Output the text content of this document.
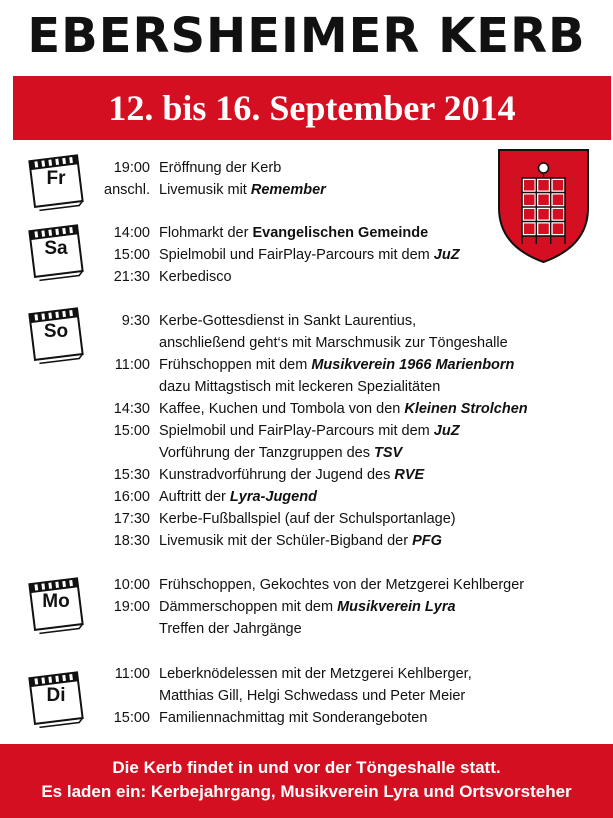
EBERSHEIMER KERB
12. bis 16. September 2014
Fr
Sa
So
Mo
Di
19:00 Eröffnung der Kerb
anschl. Livemusik mit Remember
14:00 Flohmarkt der Evangelischen Gemeinde
15:00 Spielmobil und FairPlay-Parcours mit dem JuZ
21:30 Kerbedisco
9:30 Kerbe-Gottesdienst in Sankt Laurentius,
anschließend geht‘s mit Marschmusik zur Töngeshalle
11:00 Frühschoppen mit dem Musikverein 1966 Marienborn
dazu Mittagstisch mit leckeren Spezialitäten
14:30 Kaffee, Kuchen und Tombola von den Kleinen Strolchen
15:00 Spielmobil und FairPlay-Parcours mit dem JuZ
Vorführung der Tanzgruppen des TSV
15:30 Kunstradvorführung der Jugend des RVE
16:00 Auftritt der Lyra-Jugend
17:30 Kerbe-Fußballspiel (auf der Schulsportanlage)
18:30 Livemusik mit der Schüler-Bigband der PFG
10:00 Frühschoppen, Gekochtes von der Metzgerei Kehlberger
19:00 Dämmerschoppen mit dem Musikverein Lyra
Treffen der Jahrgänge
11:00 Leberknödelessen mit der Metzgerei Kehlberger,
Matthias Gill, Helgi Schwedass und Peter Meier
15:00 Familiennachmittag mit Sonderangeboten
Die Kerb findet in und vor der Töngeshalle statt.
Es laden ein: Kerbejahrgang, Musikverein Lyra und Ortsvorsteher
